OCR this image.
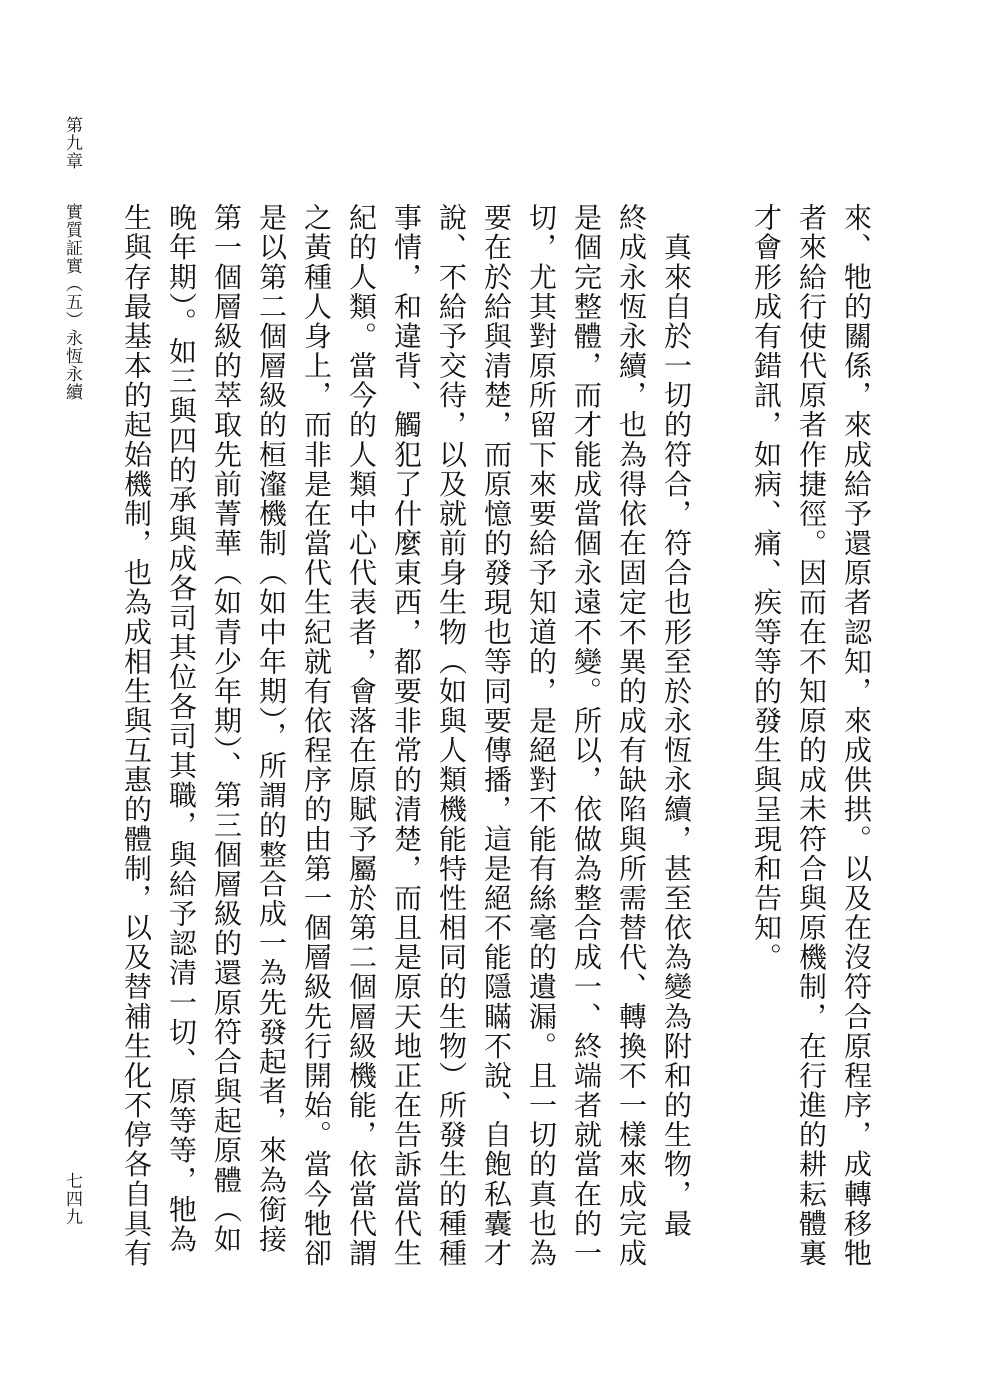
第九章
實質証實（五）永恆永續
七四九	來、牠的關係，來成給予還原者認知，來成供拱。以及在沒符合原程序，成轉移牠
者來給行使代原者作捷徑。因而在不知原的成未符合與原機制，在行進的耕耘體裏
才會形成有錯訊，如病、痛、疾等等的發生與呈現和告知。
　真來自於一切的符合，符合也形至於永恆永續，甚至依為變為附和的生物，最
終成永恆永續，也為得依在固定不異的成有缺陷與所需替代、轉換不一樣來成完成
是個完整體，而才能成當個永遠不變。所以，依做為整合成一、終端者就當在的一
切，尤其對原所留下來要給予知道的，是絕對不能有絲毫的遺漏。且一切的真也為
要在於給與清楚，而原憶的發現也等同要傳播，這是絕不能隱瞞不說、自飽私囊才
說、不給予交待，以及就前身生物（如與人類機能特性相同的生物）所發生的種種
事情，和違背、觸犯了什麼東西，都要非常的清楚，而且是原天地正在告訴當代生
紀的人類。當今的人類中心代表者，會落在原賦予屬於第二個層級機能，依當代謂
之黃種人身上，而非是在當代生紀就有依程序的由第一個層級先行開始。當今牠卻
是以第二個層級的桓瀣機制（如中年期），所謂的整合成一為先發起者，來為銜接
第一個層級的萃取先前菁華（如青少年期）、第三個層級的還原符合與起原體（如
晚年期）。如三與四的承與成各司其位各司其職，與給予認清一切、原等等，牠為
生與存最基本的起始機制，也為成相生與互惠的體制，以及替補生化不停各自具有
